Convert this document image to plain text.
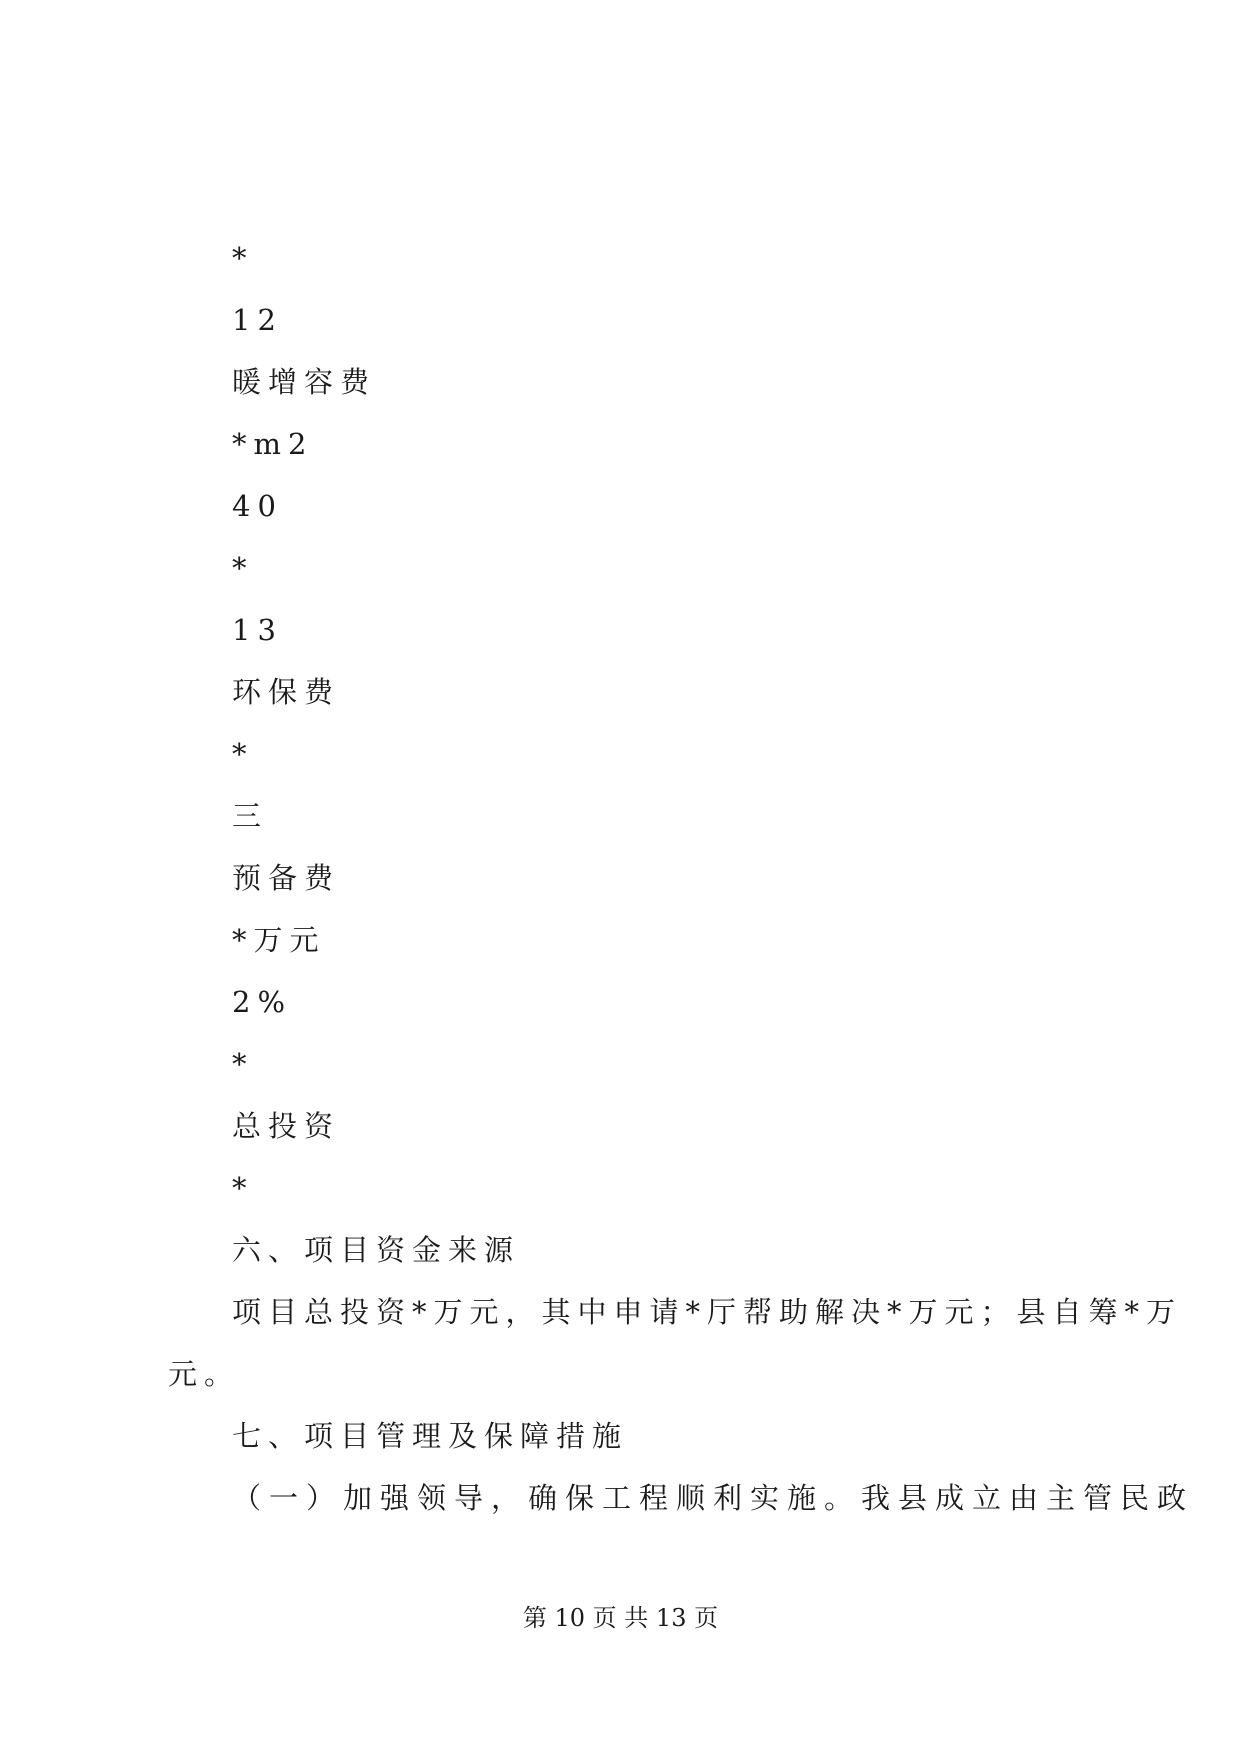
*
12
暖增容费
*m2
40
*
13
环保费
*
三
预备费
*万元
2%
*
总投资
*
六、项目资金来源
项目总投资*万元，其中申请*厅帮助解决*万元；县自筹*万
元。
七、项目管理及保障措施
（一）加强领导，确保工程顺利实施。我县成立由主管民政
第 10 页 共 13 页
